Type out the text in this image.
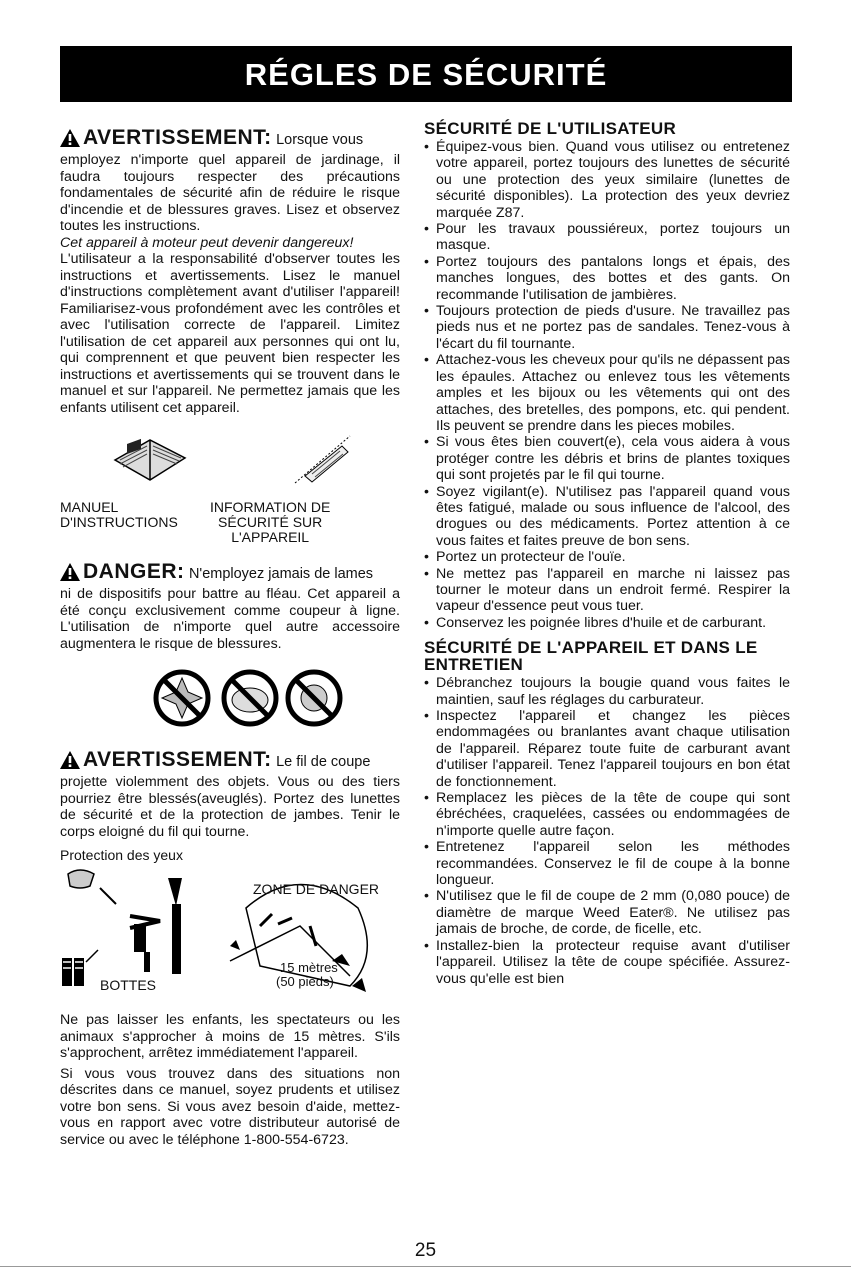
RÉGLES DE SÉCURITÉ
AVERTISSEMENT: Lorsque vous

employez n'importe quel appareil de jardinage, il faudra toujours respecter des précautions fondamentales de sécurité afin de réduire le risque d'incendie et de blessures graves. Lisez et observez toutes les instructions.

Cet appareil à moteur peut devenir dangereux!

L'utilisateur a la responsabilité d'observer toutes les instructions et avertissements. Lisez le manuel d'instructions complètement avant d'utiliser l'appareil! Familiarisez-vous profondément avec les contrôles et avec l'utilisation correcte de l'appareil. Limitez l'utilisation de cet appareil aux personnes qui ont lu, qui comprennent et que peuvent bien respecter les instructions et avertissements qui se trouvent dans le manuel et sur l'appareil. Ne permettez jamais que les enfants utilisent cet appareil.

MANUEL
D'INSTRUCTIONS
INFORMATION DE
SÉCURITÉ SUR
L'APPAREIL
DANGER: N'employez jamais de lames

ni de dispositifs pour battre au fléau. Cet appareil a été conçu exclusivement comme coupeur à ligne. L'utilisation de n'importe quel autre accessoire augmentera le risque de blessures.

AVERTISSEMENT: Le fil de coupe

projette violemment des objets. Vous ou des tiers pourriez être blessés(aveuglés). Portez des lunettes de sécurité et de la protection de jambes. Tenir le corps eloigné du fil qui tourne.

Protection des yeux
ZONE DE DANGER
15 mètres
(50 pieds)
BOTTES

Ne pas laisser les enfants, les spectateurs ou les animaux s'approcher à moins de 15 mètres. S'ils s'approchent, arrêtez immédiatement l'appareil.

Si vous vous trouvez dans des situations non déscrites dans ce manuel, soyez prudents et utilisez votre bon sens. Si vous avez besoin d'aide, mettez-vous en rapport avec votre distributeur autorisé de service ou avec le téléphone 1-800-554-6723.

SÉCURITÉ DE L'UTILISATEUR
• Équipez-vous bien. Quand vous utilisez ou entretenez votre appareil, portez toujours des lunettes de sécurité ou une protection des yeux similaire (lunettes de sécurité disponibles). La protection des yeux devriez marquée Z87.
• Pour les travaux poussiéreux, portez toujours un masque.
• Portez toujours des pantalons longs et épais, des manches longues, des bottes et des gants. On recommande l'utilisation de jambières.
• Toujours protection de pieds d'usure. Ne travaillez pas pieds nus et ne portez pas de sandales. Tenez-vous à l'écart du fil tournante.
• Attachez-vous les cheveux pour qu'ils ne dépassent pas les épaules. Attachez ou enlevez tous les vêtements amples et les bijoux ou les vêtements qui ont des attaches, des bretelles, des pompons, etc. qui pendent. Ils peuvent se prendre dans les pieces mobiles.
• Si vous êtes bien couvert(e), cela vous aidera à vous protéger contre les débris et brins de plantes toxiques qui sont projetés par le fil qui tourne.
• Soyez vigilant(e). N'utilisez pas l'appareil quand vous êtes fatigué, malade ou sous influence de l'alcool, des drogues ou des médicaments. Portez attention à ce vous faites et faites preuve de bon sens.
• Portez un protecteur de l'ouïe.
• Ne mettez pas l'appareil en marche ni laissez pas tourner le moteur dans un endroit fermé. Respirer la vapeur d'essence peut vous tuer.
• Conservez les poignée libres d'huile et de carburant.
SÉCURITÉ DE L'APPAREIL ET DANS LE ENTRETIEN
• Débranchez toujours la bougie quand vous faites le maintien, sauf les réglages du carburateur.
• Inspectez l'appareil et changez les pièces endommagées ou branlantes avant chaque utilisation de l'appareil. Réparez toute fuite de carburant avant d'utiliser l'appareil. Tenez l'appareil toujours en bon état de fonctionnement.
• Remplacez les pièces de la tête de coupe qui sont ébréchées, craquelées, cassées ou endommagées de n'importe quelle autre façon.
• Entretenez l'appareil selon les méthodes recommandées. Conservez le fil de coupe à la bonne longueur.
• N'utilisez que le fil de coupe de 2 mm (0,080 pouce) de diamètre de marque Weed Eater®. Ne utilisez pas jamais de broche, de corde, de ficelle, etc.
• Installez-bien la protecteur requise avant d'utiliser l'appareil. Utilisez la tête de coupe spécifiée. Assurez-vous qu'elle est bien
25
